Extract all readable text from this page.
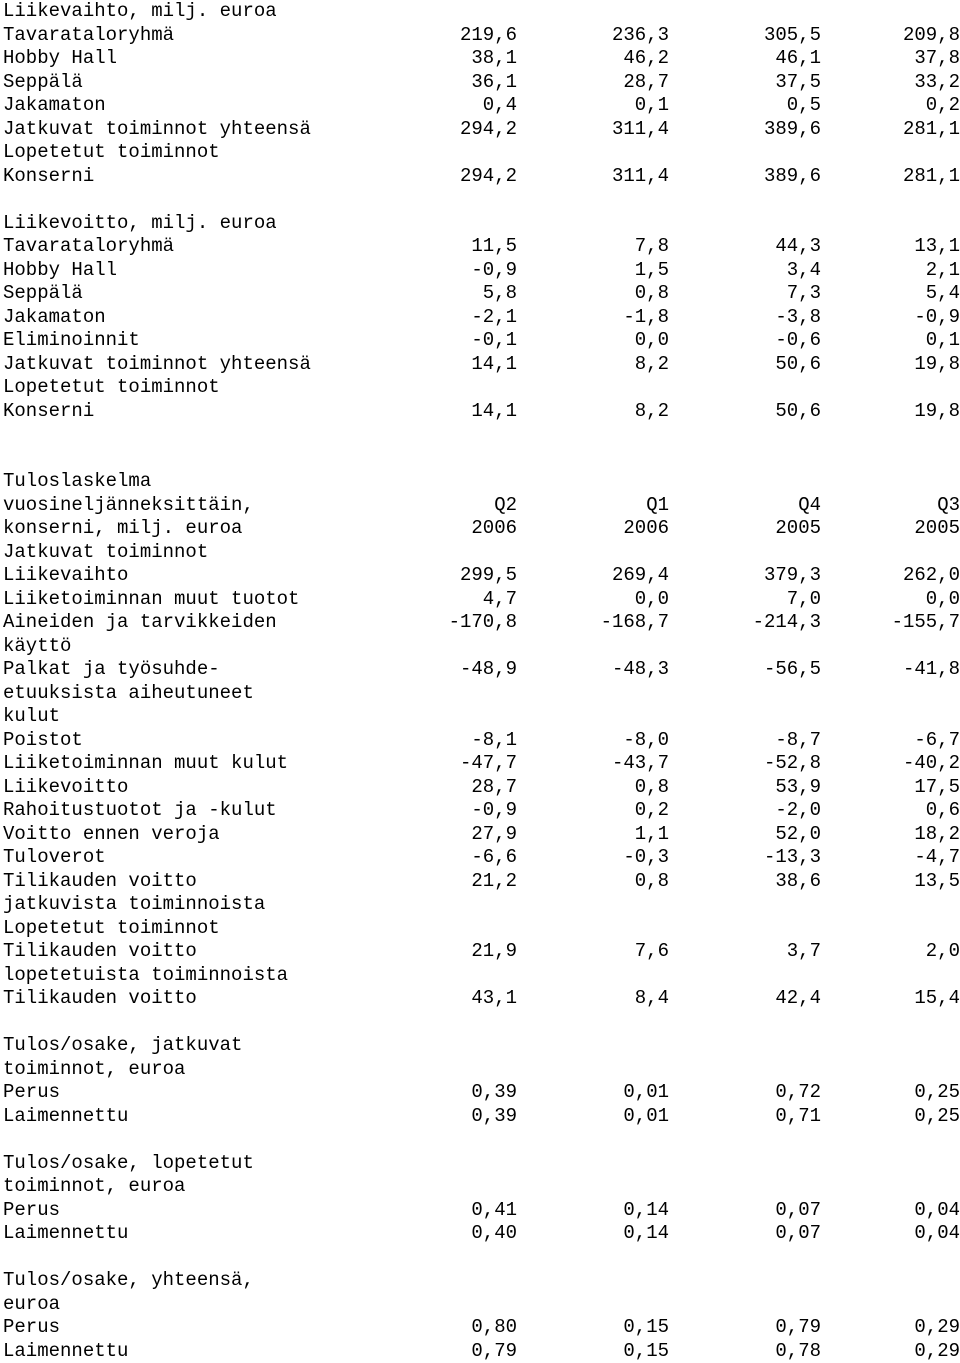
Liikevaihto, milj. euroa
Tavarataloryhmä	219,6	236,3	305,5	209,8
Hobby Hall	38,1	46,2	46,1	37,8
Seppälä	36,1	28,7	37,5	33,2
Jakamaton	0,4	0,1	0,5	0,2
Jatkuvat toiminnot yhteensä	294,2	311,4	389,6	281,1
Lopetetut toiminnot
Konserni	294,2	311,4	389,6	281,1
Liikevoitto, milj. euroa
Tavarataloryhmä	11,5	7,8	44,3	13,1
Hobby Hall	-0,9	1,5	3,4	2,1
Seppälä	5,8	0,8	7,3	5,4
Jakamaton	-2,1	-1,8	-3,8	-0,9
Eliminoinnit	-0,1	0,0	-0,6	0,1
Jatkuvat toiminnot yhteensä	14,1	8,2	50,6	19,8
Lopetetut toiminnot
Konserni	14,1	8,2	50,6	19,8
Tuloslaskelma
vuosineljänneksittäin,	Q2	Q1	Q4	Q3
konserni, milj. euroa	2006	2006	2005	2005
Jatkuvat toiminnot
Liikevaihto	299,5	269,4	379,3	262,0
Liiketoiminnan muut tuotot	4,7	0,0	7,0	0,0
Aineiden ja tarvikkeiden	-170,8	-168,7	-214,3	-155,7
käyttö
Palkat ja työsuhde-	-48,9	-48,3	-56,5	-41,8
etuuksista aiheutuneet
kulut
Poistot	-8,1	-8,0	-8,7	-6,7
Liiketoiminnan muut kulut	-47,7	-43,7	-52,8	-40,2
Liikevoitto	28,7	0,8	53,9	17,5
Rahoitustuotot ja -kulut	-0,9	0,2	-2,0	0,6
Voitto ennen veroja	27,9	1,1	52,0	18,2
Tuloverot	-6,6	-0,3	-13,3	-4,7
Tilikauden voitto	21,2	0,8	38,6	13,5
jatkuvista toiminnoista
Lopetetut toiminnot
Tilikauden voitto	21,9	7,6	3,7	2,0
lopetetuista toiminnoista
Tilikauden voitto	43,1	8,4	42,4	15,4
Tulos/osake, jatkuvat
toiminnot, euroa
Perus	0,39	0,01	0,72	0,25
Laimennettu	0,39	0,01	0,71	0,25
Tulos/osake, lopetetut
toiminnot, euroa
Perus	0,41	0,14	0,07	0,04
Laimennettu	0,40	0,14	0,07	0,04
Tulos/osake, yhteensä,
euroa
Perus	0,80	0,15	0,79	0,29
Laimennettu	0,79	0,15	0,78	0,29
